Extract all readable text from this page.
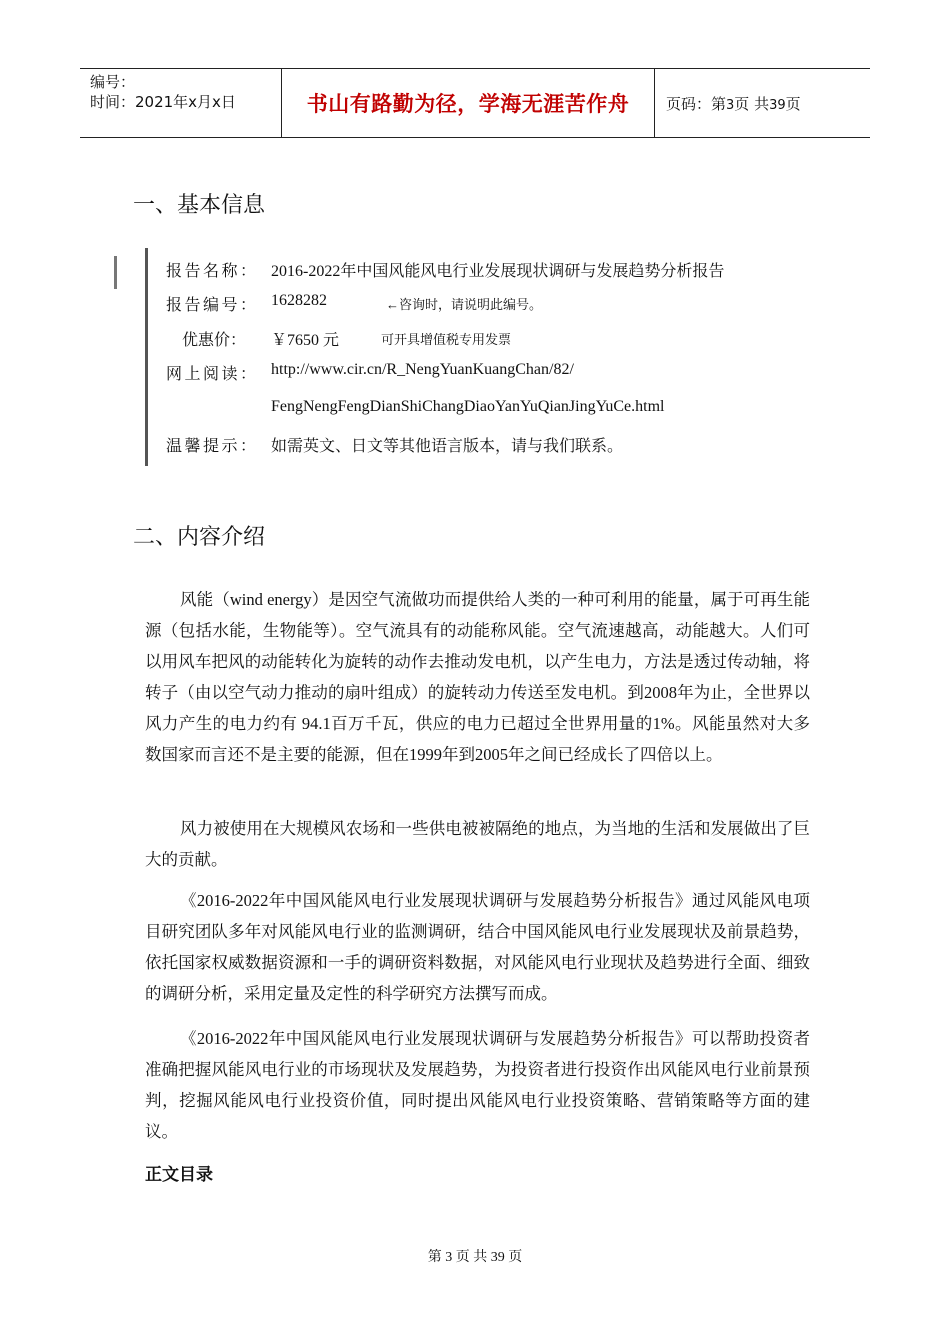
编号：
时间：2021年x月x日	书山有路勤为径，学海无涯苦作舟 页码：第3页 共39页
一、基本信息
报告名称： 2016-2022年中国风能风电行业发展现状调研与发展趋势分析报告
报告编号： 1628282	←咨询时，请说明此编号。
优惠价： ￥7650 元	可开具增值税专用发票
网上阅读： http://www.cir.cn/R_NengYuanKuangChan/82/
FengNengFengDianShiChangDiaoYanYuQianJingYuCe.html
温馨提示： 如需英文、日文等其他语言版本，请与我们联系。
二、内容介绍

风能（wind energy）是因空气流做功而提供给人类的一种可利用的能量，属于可再生能源（包括水能，生物能等）。空气流具有的动能称风能。空气流速越高，动能越大。人们可以用风车把风的动能转化为旋转的动作去推动发电机，以产生电力，方法是透过传动轴，将转子（由以空气动力推动的扇叶组成）的旋转动力传送至发电机。到2008年为止，全世界以风力产生的电力约有 94.1百万千瓦，供应的电力已超过全世界用量的1%。风能虽然对大多数国家而言还不是主要的能源，但在1999年到2005年之间已经成长了四倍以上。

风力被使用在大规模风农场和一些供电被被隔绝的地点，为当地的生活和发展做出了巨大的贡献。

《2016-2022年中国风能风电行业发展现状调研与发展趋势分析报告》通过风能风电项目研究团队多年对风能风电行业的监测调研，结合中国风能风电行业发展现状及前景趋势，依托国家权威数据资源和一手的调研资料数据，对风能风电行业现状及趋势进行全面、细致的调研分析，采用定量及定性的科学研究方法撰写而成。

《2016-2022年中国风能风电行业发展现状调研与发展趋势分析报告》可以帮助投资者准确把握风能风电行业的市场现状及发展趋势，为投资者进行投资作出风能风电行业前景预判，挖掘风能风电行业投资价值，同时提出风能风电行业投资策略、营销策略等方面的建议。

正文目录
第 3 页 共 39 页
